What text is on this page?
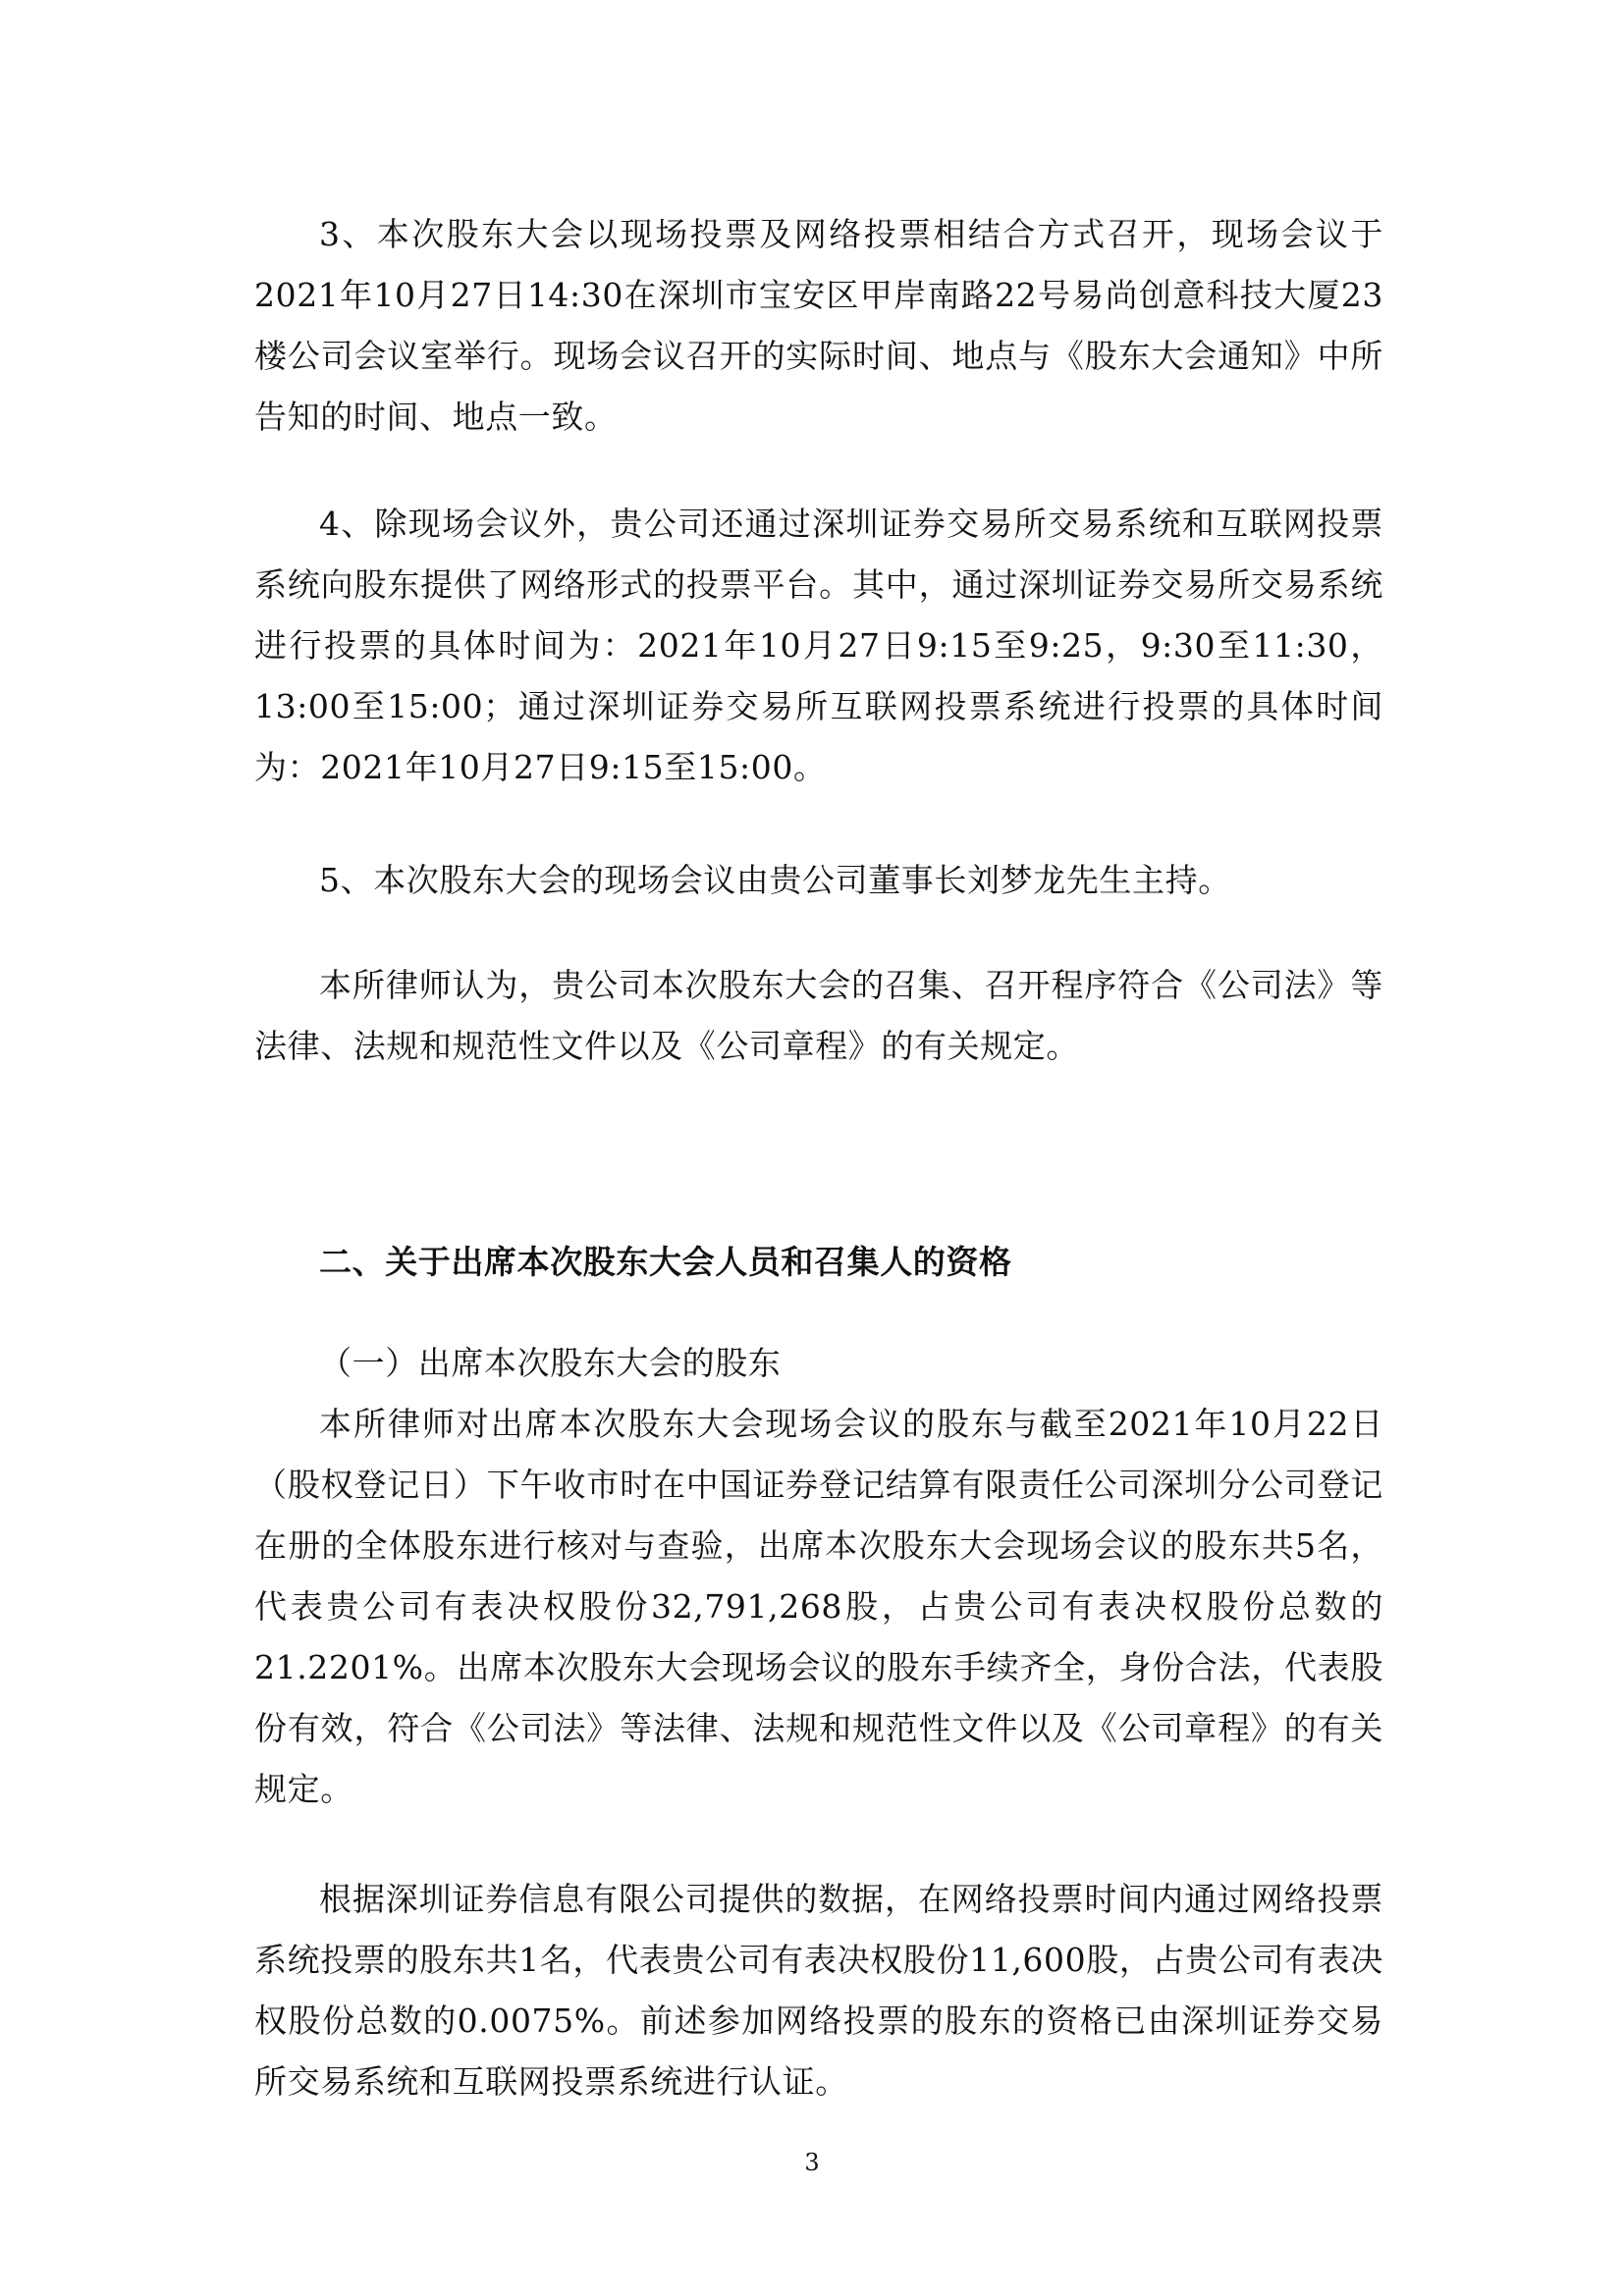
3、本次股东大会以现场投票及网络投票相结合方式召开，现场会议于2021年10月27日14:30在深圳市宝安区甲岸南路22号易尚创意科技大厦23楼公司会议室举行。现场会议召开的实际时间、地点与《股东大会通知》中所告知的时间、地点一致。

4、除现场会议外，贵公司还通过深圳证券交易所交易系统和互联网投票系统向股东提供了网络形式的投票平台。其中，通过深圳证券交易所交易系统进行投票的具体时间为：2021年10月27日9:15至9:25，9:30至11:30，13:00至15:00；通过深圳证券交易所互联网投票系统进行投票的具体时间为：2021年10月27日9:15至15:00。

5、本次股东大会的现场会议由贵公司董事长刘梦龙先生主持。

本所律师认为，贵公司本次股东大会的召集、召开程序符合《公司法》等法律、法规和规范性文件以及《公司章程》的有关规定。

二、关于出席本次股东大会人员和召集人的资格

（一）出席本次股东大会的股东

本所律师对出席本次股东大会现场会议的股东与截至2021年10月22日（股权登记日）下午收市时在中国证券登记结算有限责任公司深圳分公司登记在册的全体股东进行核对与查验，出席本次股东大会现场会议的股东共5名，代表贵公司有表决权股份32,791,268股，占贵公司有表决权股份总数的21.2201%。出席本次股东大会现场会议的股东手续齐全，身份合法，代表股份有效，符合《公司法》等法律、法规和规范性文件以及《公司章程》的有关规定。

根据深圳证券信息有限公司提供的数据，在网络投票时间内通过网络投票系统投票的股东共1名，代表贵公司有表决权股份11,600股，占贵公司有表决权股份总数的0.0075%。前述参加网络投票的股东的资格已由深圳证券交易所交易系统和互联网投票系统进行认证。

3
